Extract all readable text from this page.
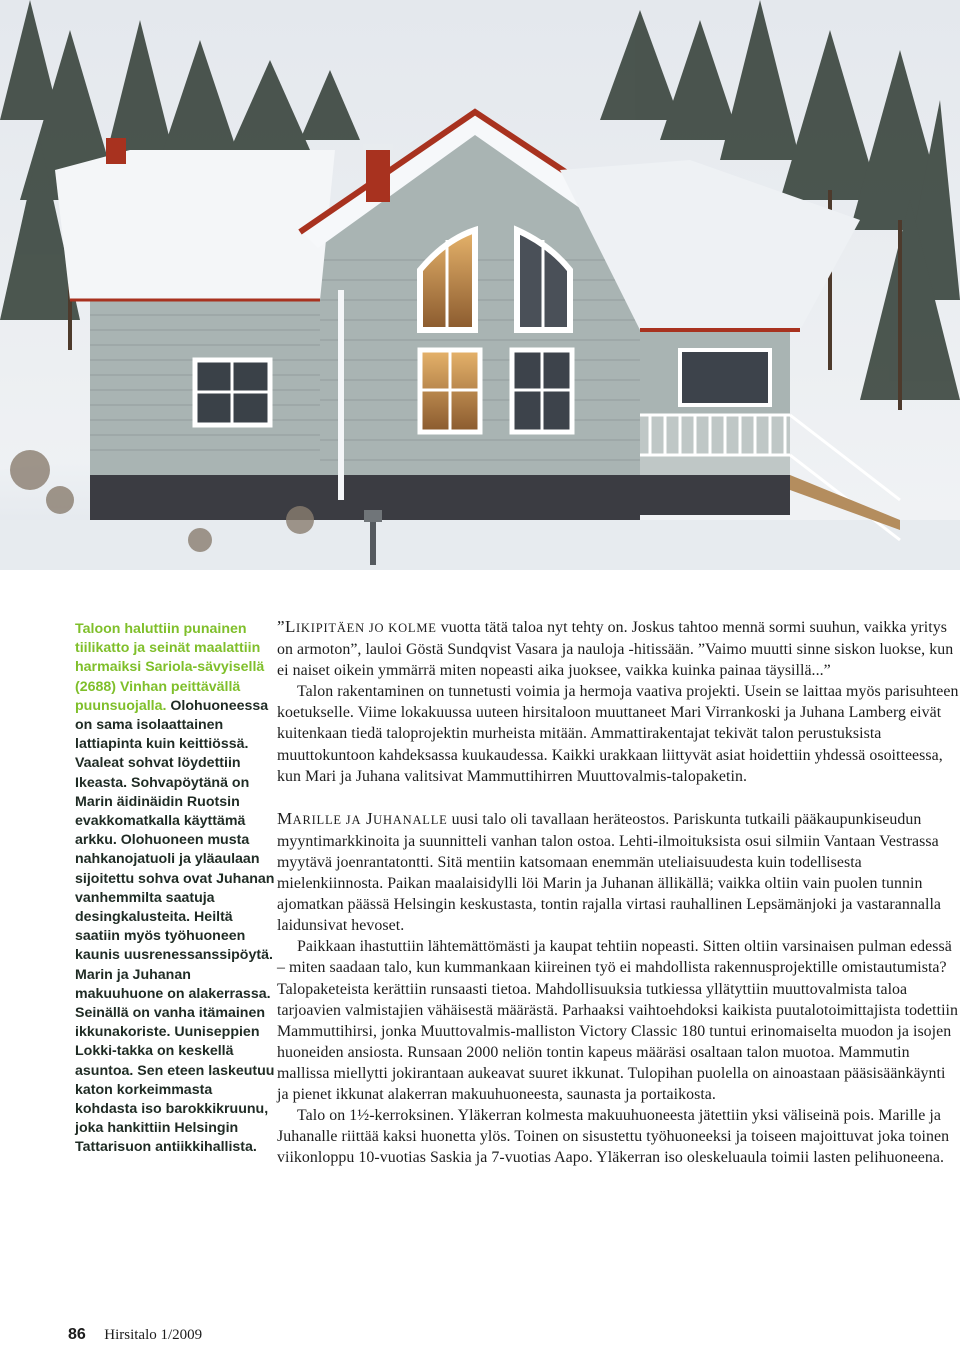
Taloon haluttiin punainen tiilikatto ja seinät maalattiin harmaiksi Sariola-sävyisellä (2688) Vinhan peittävällä puunsuojalla. Olohuoneessa on sama isolaattainen lattiapinta kuin keittiössä. Vaaleat sohvat löydettiin Ikeasta. Sohvapöytänä on Marin äidinäidin Ruotsin evakkomatkalla käyttämä arkku. Olohuoneen musta nahkanojatuoli ja yläaulaan sijoitettu sohva ovat Juhanan vanhemmilta saatuja desingkalusteita. Heiltä saatiin myös työhuoneen kaunis uusrenessanssipöytä. Marin ja Juhanan makuuhuone on alakerrassa. Seinällä on vanha itämainen ikkunakoriste. Uuniseppien Lokki-takka on keskellä asuntoa. Sen eteen laskeutuu katon korkeimmasta kohdasta iso barokkikruunu, joka hankittiin Helsingin Tattarisuon antiikkihallista.

”LIKIPITÄEN JO KOLME vuotta tätä taloa nyt tehty on. Joskus tahtoo mennä sormi suuhun, vaikka yritys on armoton”, lauloi Göstä Sundqvist Vasara ja nauloja -hitissään. ”Vaimo muutti sinne siskon luokse, kun ei naiset oikein ymmärrä miten nopeasti aika juoksee, vaikka kuinka painaa täysillä...”

Talon rakentaminen on tunnetusti voimia ja hermoja vaativa projekti. Usein se laittaa myös parisuhteen koetukselle. Viime lokakuussa uuteen hirsitaloon muuttaneet Mari Virrankoski ja Juhana Lamberg eivät kuitenkaan tiedä taloprojektin murheista mitään. Ammattirakentajat tekivät talon perustuksista muuttokuntoon kahdeksassa kuukaudessa. Kaikki urakkaan liittyvät asiat hoidettiin yhdessä osoitteessa, kun Mari ja Juhana valitsivat Mammuttihirren Muuttovalmis-talopaketin.

MARILLE JA JUHANALLE uusi talo oli tavallaan heräteostos. Pariskunta tutkaili pääkaupunkiseudun myyntimarkkinoita ja suunnitteli vanhan talon ostoa. Lehti-ilmoituksista osui silmiin Vantaan Vestrassa myytävä joenrantatontti. Sitä mentiin katsomaan enemmän uteliaisuudesta kuin todellisesta mielenkiinnosta. Paikan maalaisidylli löi Marin ja Juhanan ällikällä; vaikka oltiin vain puolen tunnin ajomatkan päässä Helsingin keskustasta, tontin rajalla virtasi rauhallinen Lepsämänjoki ja vastarannalla laidunsivat hevoset.

Paikkaan ihastuttiin lähtemättömästi ja kaupat tehtiin nopeasti. Sitten oltiin varsinaisen pulman edessä – miten saadaan talo, kun kummankaan kiireinen työ ei mahdollista rakennusprojektille omistautumista? Talopaketeista kerättiin runsaasti tietoa. Mahdollisuuksia tutkiessa yllätyttiin muuttovalmista taloa tarjoavien valmistajien vähäisestä määrästä. Parhaaksi vaihtoehdoksi kaikista puutalotoimittajista todettiin Mammuttihirsi, jonka Muuttovalmis-malliston Victory Classic 180 tuntui erinomaiselta muodon ja isojen huoneiden ansiosta. Runsaan 2000 neliön tontin kapeus määräsi osaltaan talon muotoa. Mammutin mallissa miellytti jokirantaan aukeavat suuret ikkunat. Tulopihan puolella on ainoastaan pääsisäänkäynti ja pienet ikkunat alakerran makuuhuoneesta, saunasta ja portaikosta.

Talo on 1½-kerroksinen. Yläkerran kolmesta makuuhuoneesta jätettiin yksi väliseinä pois. Marille ja Juhanalle riittää kaksi huonetta ylös. Toinen on sisustettu työhuoneeksi ja toiseen majoittuvat joka toinen viikonloppu 10-vuotias Saskia ja 7-vuotias Aapo. Yläkerran iso oleskeluaula toimii lasten pelihuoneena.

86 Hirsitalo 1/2009
